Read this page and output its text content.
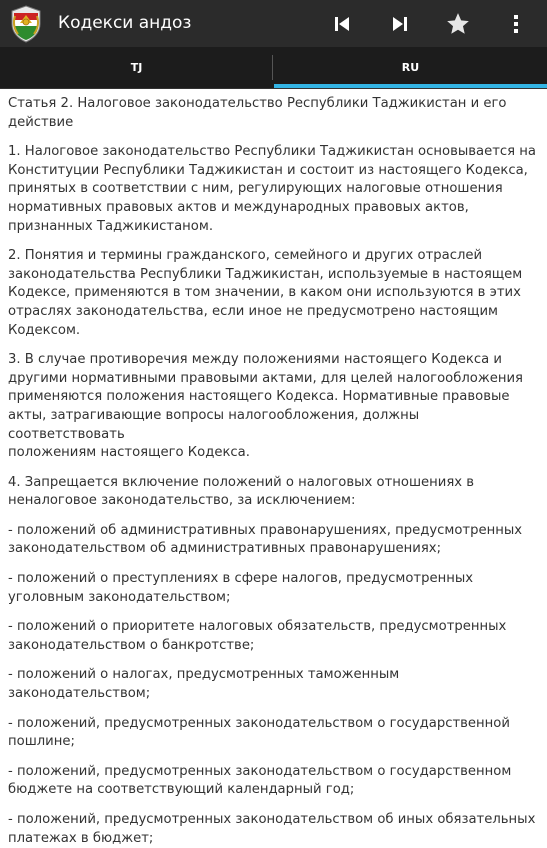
Кодекси андоз
TJ	RU

Статья 2. Налоговое законодательство Республики Таджикистан и его
действие

1. Налоговое законодательство Республики Таджикистан основывается на
Конституции Республики Таджикистан и состоит из настоящего Кодекса,
принятых в соответствии с ним, регулирующих налоговые отношения
нормативных правовых актов и международных правовых актов,
признанных Таджикистаном.

2. Понятия и термины гражданского, семейного и других отраслей
законодательства Республики Таджикистан, используемые в настоящем
Кодексе, применяются в том значении, в каком они используются в этих
отраслях законодательства, если иное не предусмотрено настоящим
Кодексом.

3. В случае противоречия между положениями настоящего Кодекса и
другими нормативными правовыми актами, для целей налогообложения
применяются положения настоящего Кодекса. Нормативные правовые
акты, затрагивающие вопросы налогообложения, должны соответствовать
положениям настоящего Кодекса.

4. Запрещается включение положений о налоговых отношениях в
неналоговое законодательство, за исключением:

- положений об административных правонарушениях, предусмотренных
законодательством об административных правонарушениях;

- положений о преступлениях в сфере налогов, предусмотренных
уголовным законодательством;

- положений о приоритете налоговых обязательств, предусмотренных
законодательством о банкротстве;

- положений о налогах, предусмотренных таможенным законодательством;

- положений, предусмотренных законодательством о государственной
пошлине;

- положений, предусмотренных законодательством о государственном
бюджете на соответствующий календарный год;

- положений, предусмотренных законодательством об иных обязательных
платежах в бюджет;
